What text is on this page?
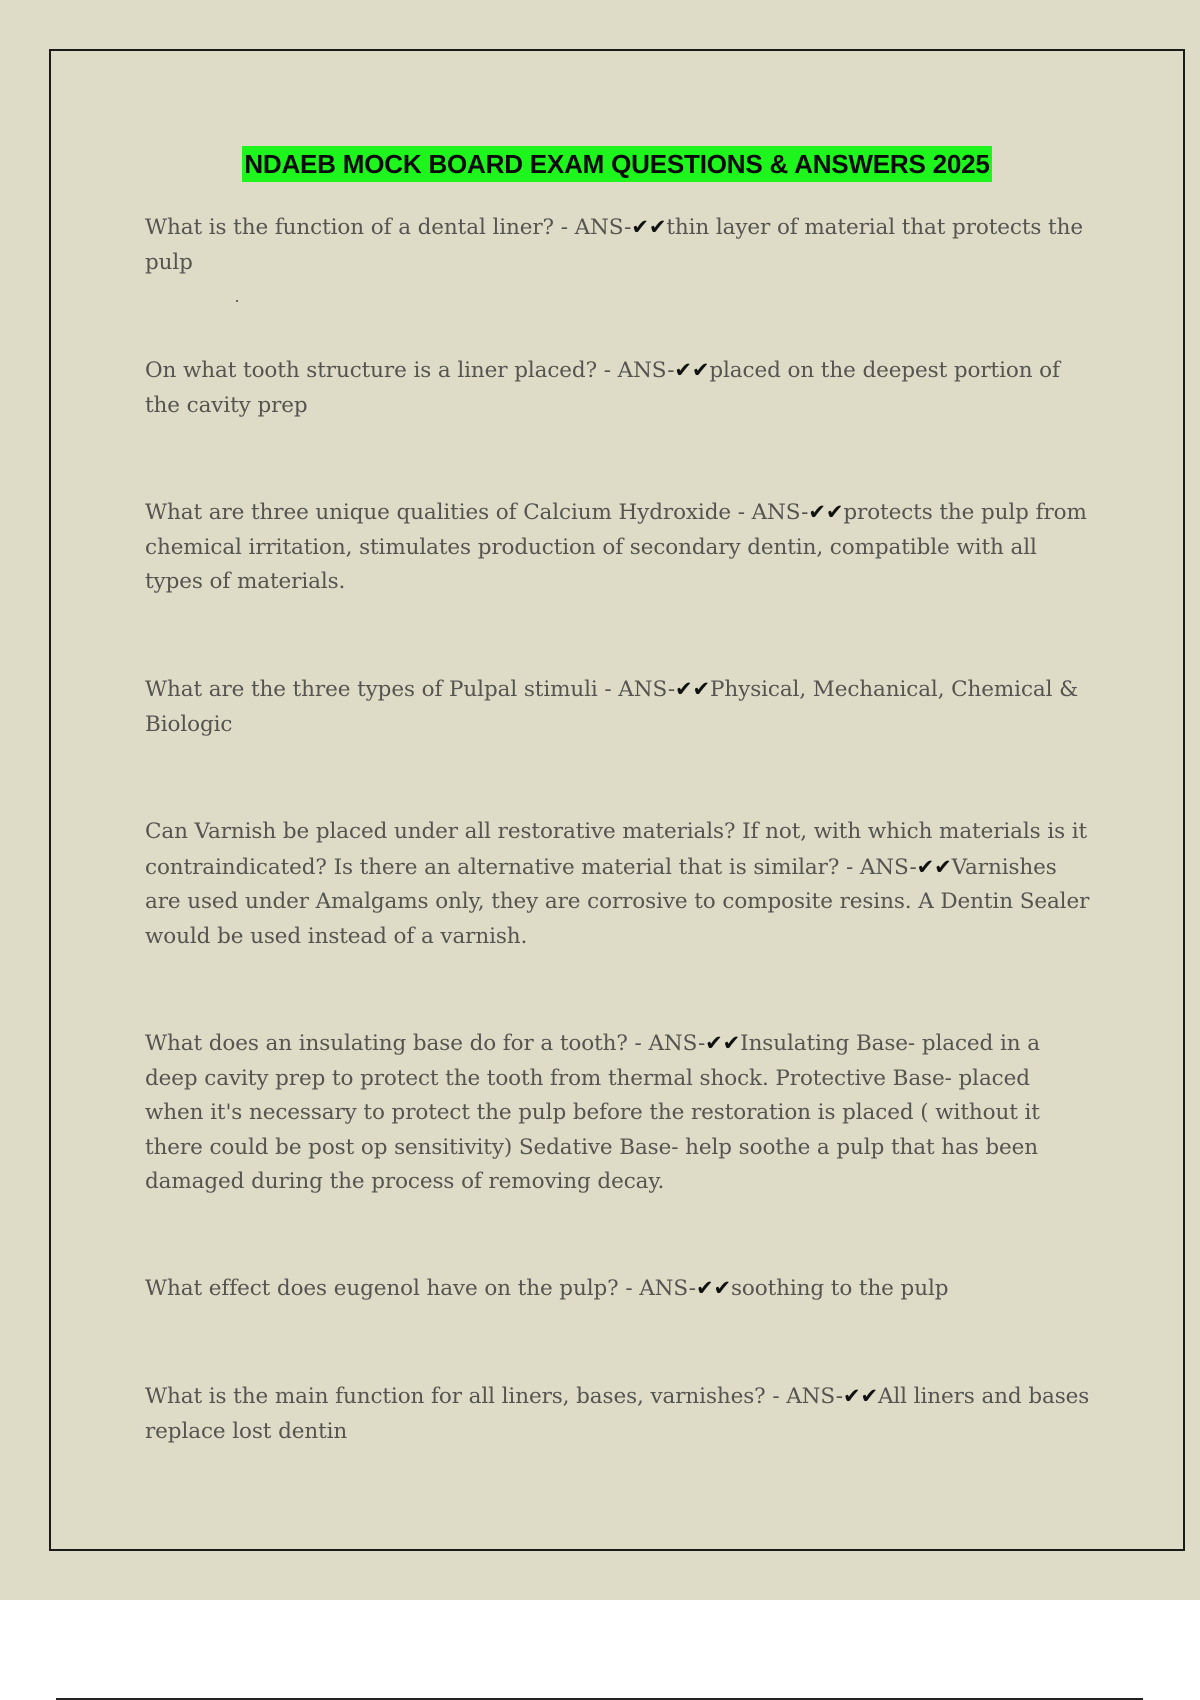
NDAEB MOCK BOARD EXAM QUESTIONS & ANSWERS 2025

What is the function of a dental liner? - ANS-✔✔thin layer of material that protects the pulp

On what tooth structure is a liner placed? - ANS-✔✔placed on the deepest portion of the cavity prep

What are three unique qualities of Calcium Hydroxide - ANS-✔✔protects the pulp from chemical irritation, stimulates production of secondary dentin, compatible with all types of materials.

What are the three types of Pulpal stimuli - ANS-✔✔Physical, Mechanical, Chemical & Biologic

Can Varnish be placed under all restorative materials? If not, with which materials is it contraindicated? Is there an alternative material that is similar? - ANS-✔✔Varnishes are used under Amalgams only, they are corrosive to composite resins. A Dentin Sealer would be used instead of a varnish.

What does an insulating base do for a tooth? - ANS-✔✔Insulating Base- placed in a deep cavity prep to protect the tooth from thermal shock. Protective Base- placed when it's necessary to protect the pulp before the restoration is placed ( without it there could be post op sensitivity) Sedative Base- help soothe a pulp that has been damaged during the process of removing decay.

What effect does eugenol have on the pulp? - ANS-✔✔soothing to the pulp

What is the main function for all liners, bases, varnishes? - ANS-✔✔All liners and bases replace lost dentin
